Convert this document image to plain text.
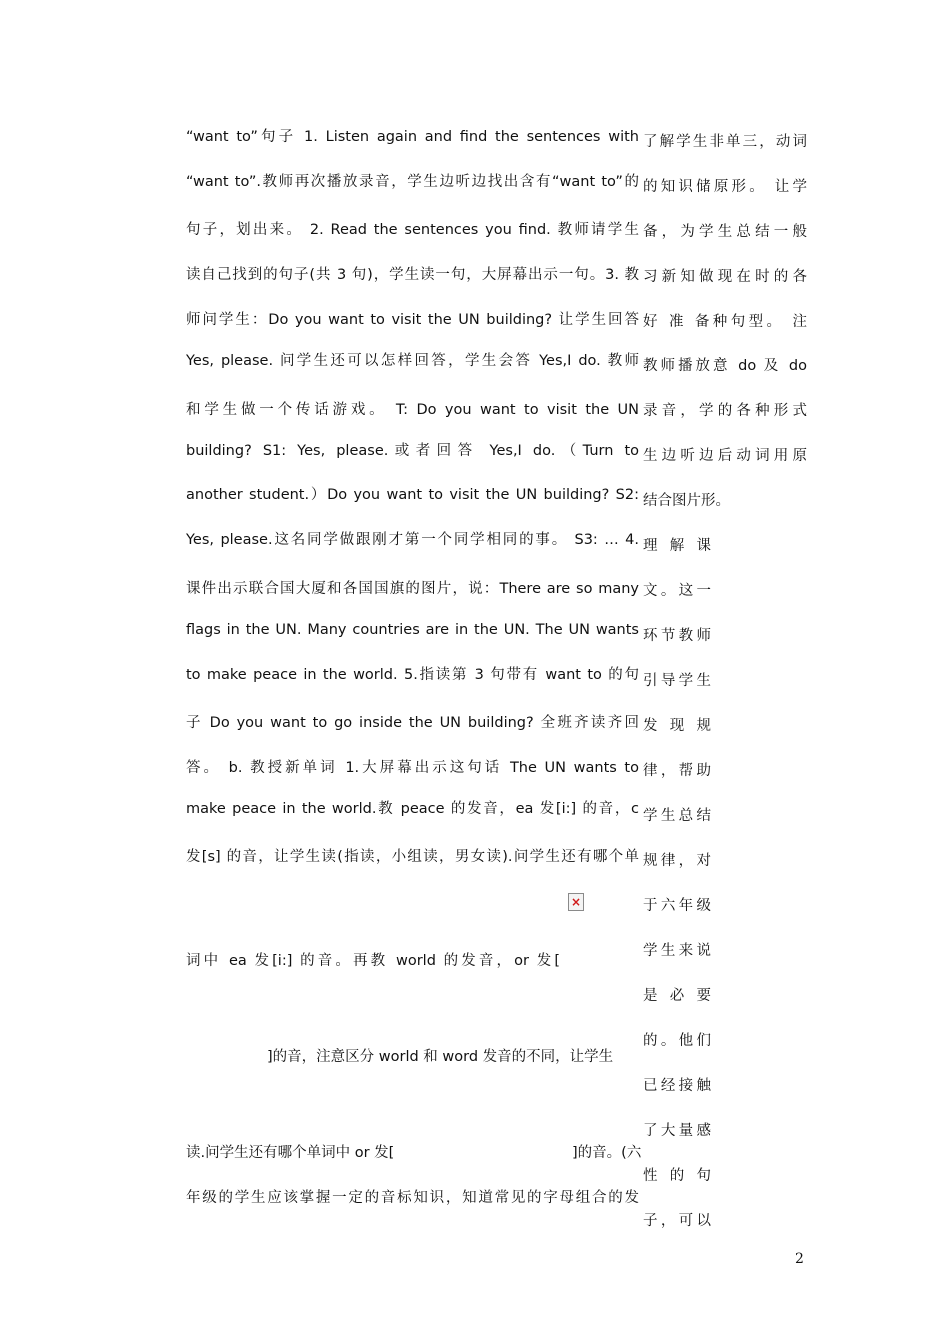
“want to”句子 1. Listen again and find the sentences with
“want to”.教师再次播放录音，学生边听边找出含有“want to”的
句子，划出来。 2. Read the sentences you find. 教师请学生
读自己找到的句子(共 3 句)，学生读一句，大屏幕出示一句。3. 教
师问学生：Do you want to visit the UN building? 让学生回答
Yes, please. 问学生还可以怎样回答，学生会答 Yes,I do. 教师
和学生做一个传话游戏。 T: Do you want to visit the UN
building? S1: Yes, please.或者回答 Yes,I do.（Turn to
another student.）Do you want to visit the UN building? S2:
Yes, please.这名同学做跟刚才第一个同学相同的事。 S3: … 4.
课件出示联合国大厦和各国国旗的图片，说：There are so many
flags in the UN. Many countries are in the UN. The UN wants
to make peace in the world. 5.指读第 3 句带有 want to 的句
子 Do you want to go inside the UN building? 全班齐读齐回
答。 b. 教授新单词 1.大屏幕出示这句话 The UN wants to
make peace in the world.教 peace 的发音，ea 发[i:] 的音，c
发[s] 的音，让学生读(指读，小组读，男女读).问学生还有哪个单
词中 ea 发[i:] 的音。再教 world 的发音，or 发[
]的音，注意区分 world 和 word 发音的不同，让学生
读.问学生还有哪个单词中 or 发[	]的音。(六
年级的学生应该掌握一定的音标知识，知道常见的字母组合的发
×
了解学生非单三，动词
的知识储原形。 让学
备，为学生总结一般
习新知做现在时的各
好 准 备种句型。 注
教师播放意 do 及 do
录音，学的各种形式
生边听边后动词用原
结合图片形。
理 解 课
文。这一
环节教师
引导学生
发 现 规
律，帮助
学生总结
规律，对
于六年级
学生来说
是 必 要
的。他们
已经接触
了大量感
性 的 句
子，可以
2
